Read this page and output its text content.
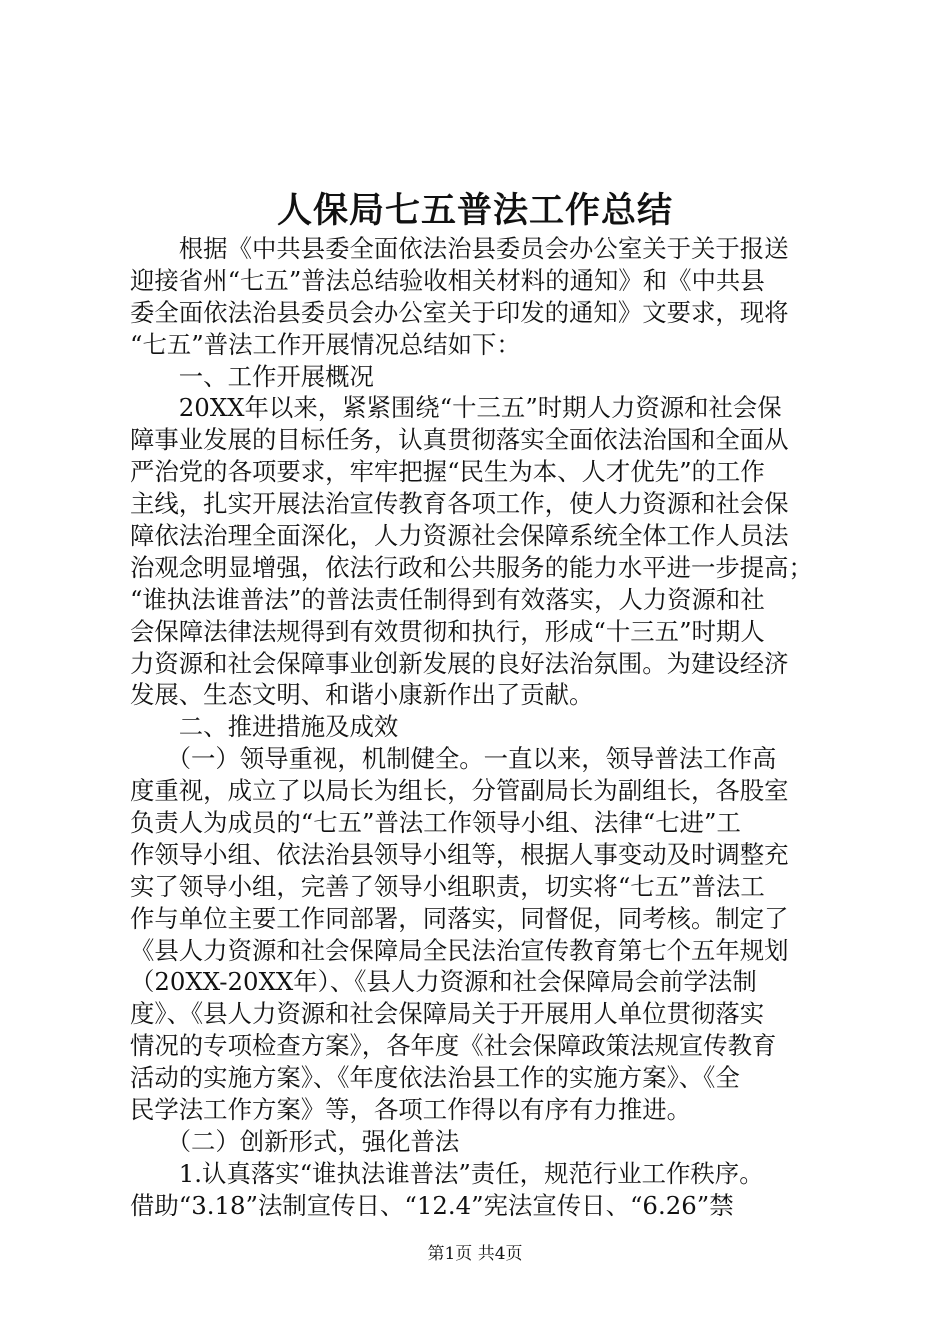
人保局七五普法工作总结
　　根据《中共县委全面依法治县委员会办公室关于关于报送
迎接省州“七五”普法总结验收相关材料的通知》和《中共县
委全面依法治县委员会办公室关于印发的通知》文要求，现将
“七五”普法工作开展情况总结如下：
　　一、工作开展概况
　　20XX年以来，紧紧围绕“十三五”时期人力资源和社会保
障事业发展的目标任务，认真贯彻落实全面依法治国和全面从
严治党的各项要求，牢牢把握“民生为本、人才优先”的工作
主线，扎实开展法治宣传教育各项工作，使人力资源和社会保
障依法治理全面深化，人力资源社会保障系统全体工作人员法
治观念明显增强，依法行政和公共服务的能力水平进一步提高；
“谁执法谁普法”的普法责任制得到有效落实，人力资源和社
会保障法律法规得到有效贯彻和执行，形成“十三五”时期人
力资源和社会保障事业创新发展的良好法治氛围。为建设经济
发展、生态文明、和谐小康新作出了贡献。
　　二、推进措施及成效
　　（一）领导重视，机制健全。一直以来，领导普法工作高
度重视，成立了以局长为组长，分管副局长为副组长，各股室
负责人为成员的“七五”普法工作领导小组、法律“七进”工
作领导小组、依法治县领导小组等，根据人事变动及时调整充
实了领导小组，完善了领导小组职责，切实将“七五”普法工
作与单位主要工作同部署，同落实，同督促，同考核。制定了
《县人力资源和社会保障局全民法治宣传教育第七个五年规划
（20XX-20XX年）、《县人力资源和社会保障局会前学法制
度》、《县人力资源和社会保障局关于开展用人单位贯彻落实
情况的专项检查方案》，各年度《社会保障政策法规宣传教育
活动的实施方案》、《年度依法治县工作的实施方案》、《全
民学法工作方案》等，各项工作得以有序有力推进。
　　（二）创新形式，强化普法
　　1.认真落实“谁执法谁普法”责任，规范行业工作秩序。
借助“3.18”法制宣传日、“12.4”宪法宣传日、“6.26”禁
第1页 共4页
